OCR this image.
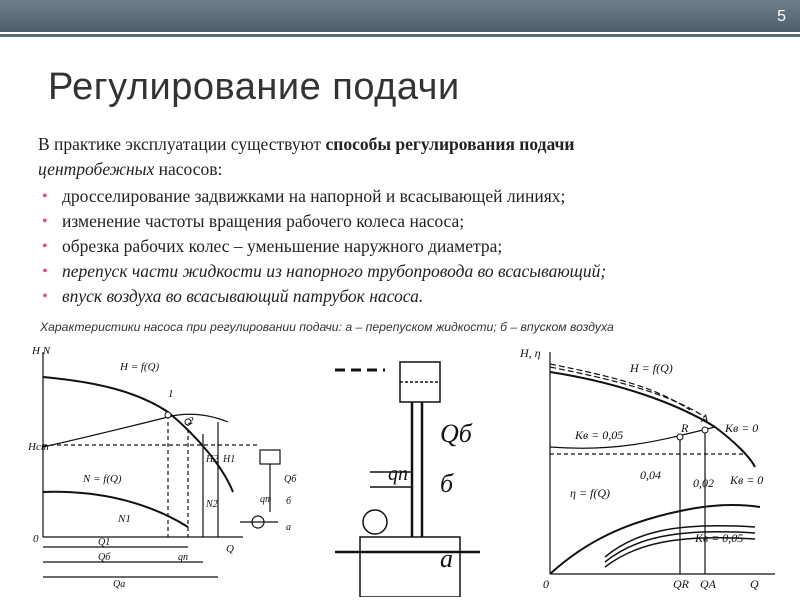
5
Регулирование подачи
В практике эксплуатации существуют способы регулирования подачи
центробежных насосов:
• дросселирование задвижками на напорной и всасывающей линиях;
• изменение частоты вращения рабочего колеса насоса;
• обрезка рабочих колес – уменьшение наружного диаметра;
• перепуск части жидкости из напорного трубопровода во всасывающий;
• впуск воздуха во всасывающий патрубок насоса.
Характеристики насоса при регулировании подачи: а – перепуском жидкости; б – впуском воздуха
H N
H = f(Q)
N = f(Q)
Hст
1
2
H2 H1
N2
N1
0
Q
Q1
Qб	qп
Qа
Qб
qп б
a
Qб
qп б
a
H, η
H = f(Q)
Kв = 0,05	R
A
Kв = 0
0,04
0,02 Kв = 0
η = f(Q)
Kв = 0,05
0	QR QA	Q
